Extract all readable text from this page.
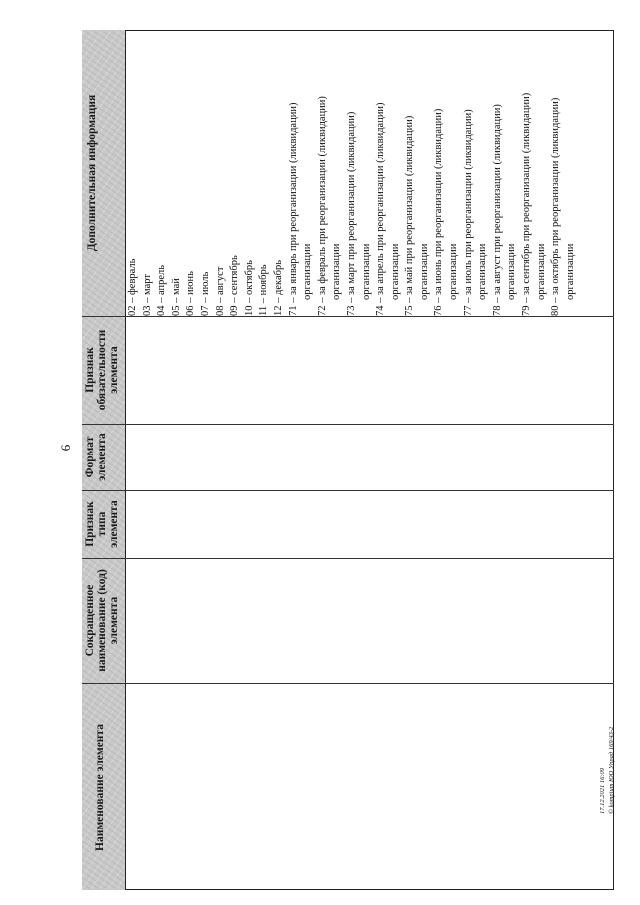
6
Дополнительная информация
Признак обязательности элемента
Формат элемента
Признак типа элемента
Сокращенное наименование (код) элемента
Наименование элемента
02 – февраль 03 – март 04 – апрель 05 – май 06 – июнь 07 – июль 08 – август 09 – сентябрь 10 – октябрь 11 – ноябрь 12 – декабрь 71 – за январь при реорганизации (ликвидации) организации 72 – за февраль при реорганизации (ликвидации) организации 73 – за март при реорганизации (ликвидации) организации 74 – за апрель при реорганизации (ликвидации) организации 75 – за май при реорганизации (ликвидации) организации 76 – за июнь при реорганизации (ликвидации) организации 77 – за июль при реорганизации (ликвидации) организации 78 – за август при реорганизации (ликвидации) организации 79 – за сентябрь при реорганизации (ликвидации) организации 80 – за октябрь при реорганизации (ликвидации) организации
17.12.2021 16:09 © kompium ЮО Упрад 169/43-2
